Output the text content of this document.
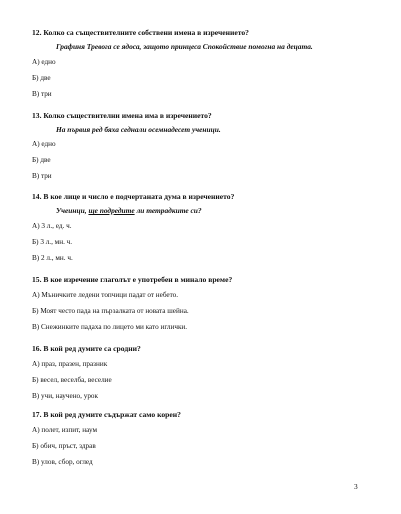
12. Колко са съществителните собствени имена в изречението?

Графиня Тревога се ядоса, защото принцеса Спокойствие помогна на децата.

А) едно

Б) две

В) три

13. Колко съществителни имена има в изречението?

На първия ред бяха седнали осемнадесет ученици.

А) едно

Б) две

В) три

14. В кое лице и число е подчертаната дума в изречението?

Учеинци, ще подредите ли тетрадките си?

А) 3 л., ед. ч.

Б) 3 л., мн. ч.

В) 2 л., мн. ч.

15. В кое изречение глаголът е употребен в минало време?

А) Мъничките ледени топчици падат от небето.

Б) Моят често пада на пързалката от новата шейна.

В) Снежинките падаха по лицето ми като иглички.

16. В кой ред думите са сродни?

А) праз, празен, празник

Б) весел, веселба, веселие

В) учи, научено, урок

17. В кой ред думите съдържат само корен?

А) полет, изпит, наум

Б) обич, пръст, здрав

В) улов, сбор, оглед

3
